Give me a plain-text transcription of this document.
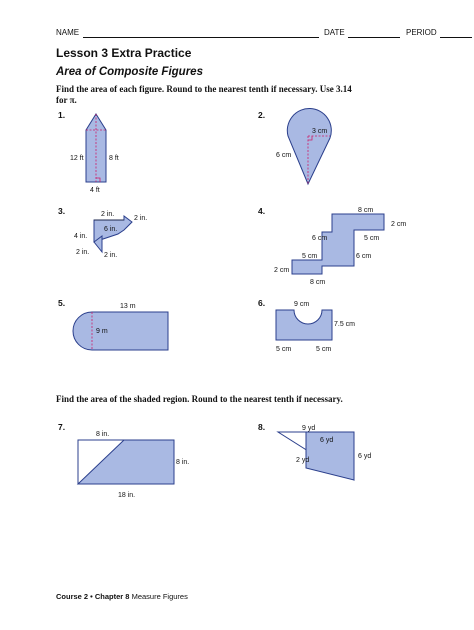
NAME	DATE	PERIOD
Lesson 3 Extra Practice
Area of Composite Figures
Find the area of each figure. Round to the nearest tenth if necessary. Use 3.14 for π.
1.
12 ft	8 ft
4 ft
2.
3 cm
6 cm
3.	2 in.
2 in.
6 in.
4 in.
2 in. 2 in.
4.	8 cm
2 cm
6 cm	5 cm
5 cm	6 cm
2 cm
8 cm
5.	13 m
9 m
6.	9 cm
7.5 cm
5 cm	5 cm
Find the area of the shaded region. Round to the nearest tenth if necessary.
7.
8 in.
8 in.
18 in.
8.	9 yd
6 yd
2 yd
6 yd
Course 2 • Chapter 8 Measure Figures
